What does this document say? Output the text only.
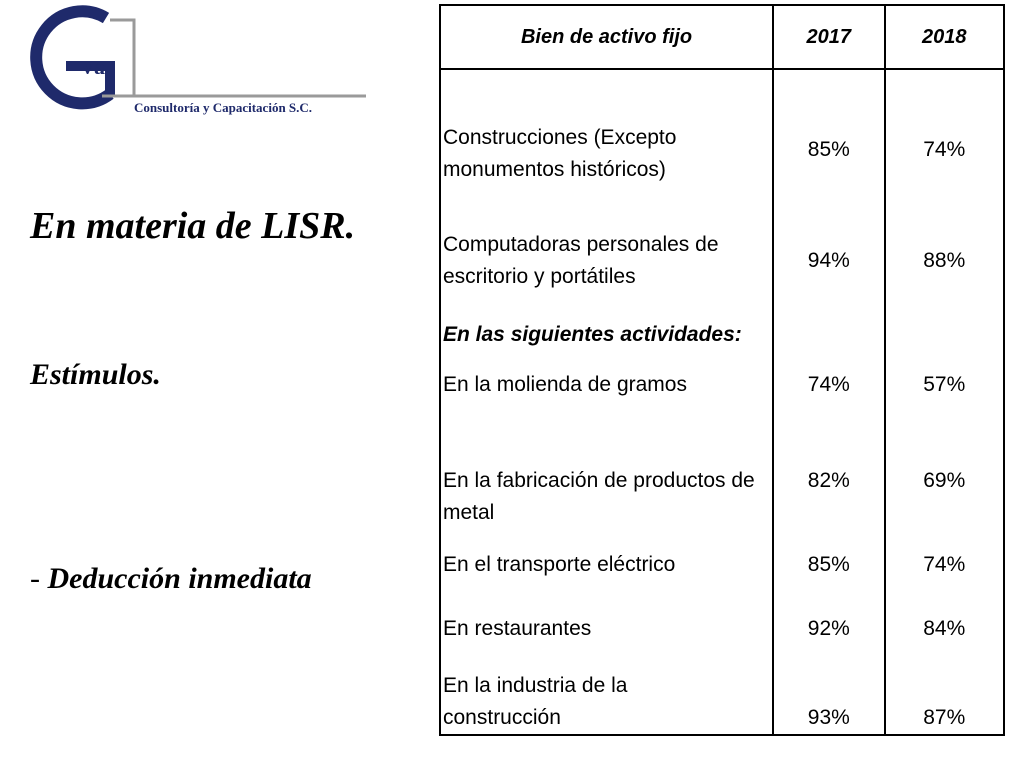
va
Consultoría y Capacitación S.C.
En materia de LISR.
Estímulos.
- Deducción inmediata
Bien de activo fijo	2017	2018
Construcciones (Excepto monumentos históricos)	85%	74%
Computadoras personales de escritorio y portátiles	94%	88%
En las siguientes actividades:		
En la molienda de gramos	74%	57%
En la fabricación de productos de metal	82%	69%
En el transporte eléctrico	85%	74%
En restaurantes	92%	84%
En la industria de la construcción	93%	87%
